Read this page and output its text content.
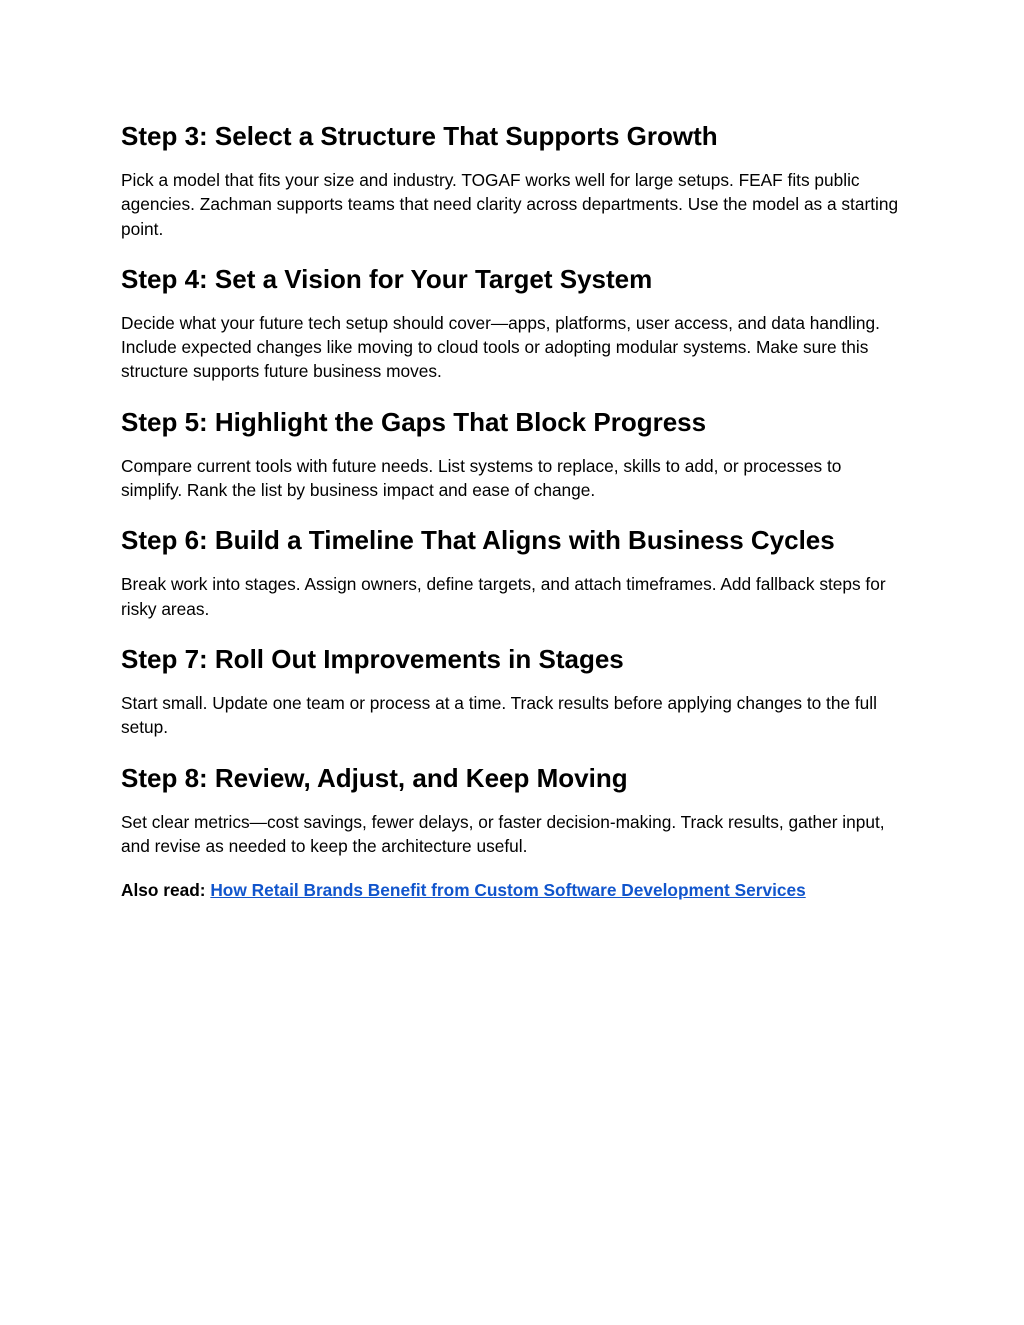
Step 3: Select a Structure That Supports Growth

Pick a model that fits your size and industry. TOGAF works well for large setups. FEAF fits public agencies. Zachman supports teams that need clarity across departments. Use the model as a starting point.

Step 4: Set a Vision for Your Target System

Decide what your future tech setup should cover—apps, platforms, user access, and data handling. Include expected changes like moving to cloud tools or adopting modular systems. Make sure this structure supports future business moves.

Step 5: Highlight the Gaps That Block Progress

Compare current tools with future needs. List systems to replace, skills to add, or processes to simplify. Rank the list by business impact and ease of change.

Step 6: Build a Timeline That Aligns with Business Cycles

Break work into stages. Assign owners, define targets, and attach timeframes. Add fallback steps for risky areas.

Step 7: Roll Out Improvements in Stages

Start small. Update one team or process at a time. Track results before applying changes to the full setup.

Step 8: Review, Adjust, and Keep Moving

Set clear metrics—cost savings, fewer delays, or faster decision-making. Track results, gather input, and revise as needed to keep the architecture useful.

Also read: How Retail Brands Benefit from Custom Software Development Services
